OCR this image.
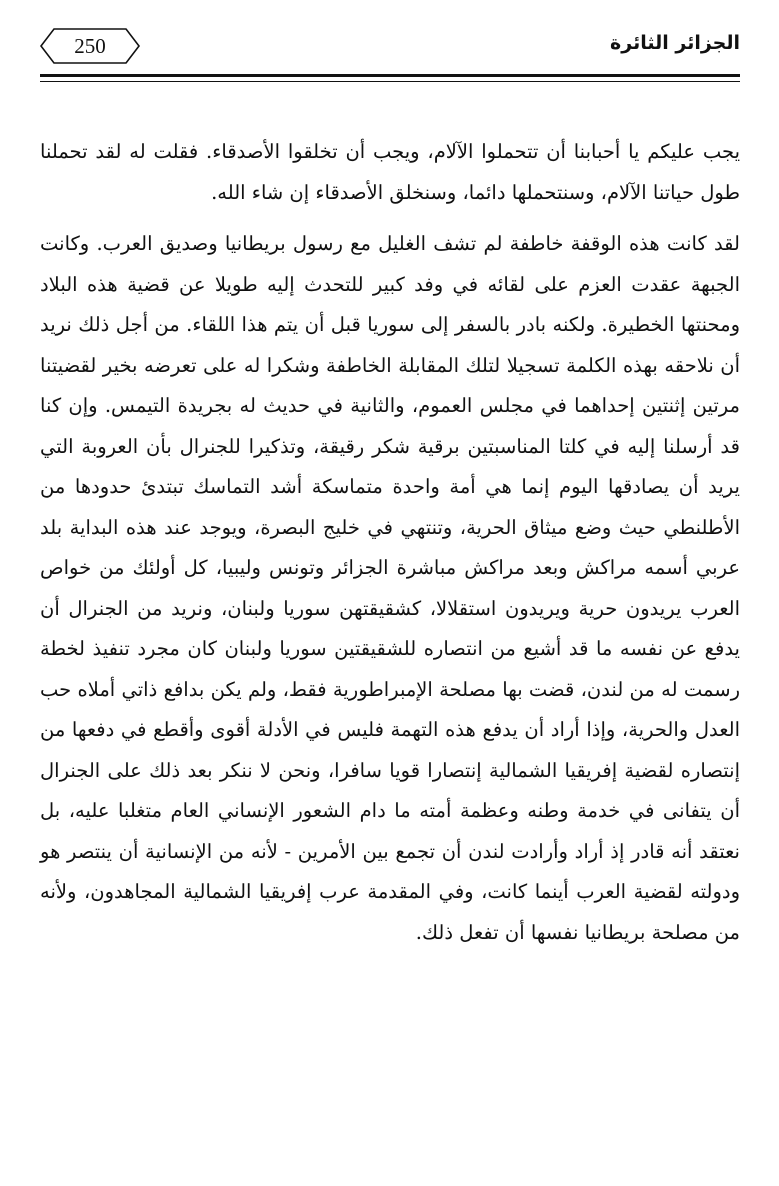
250	الجزائر الثائرة

يجب عليكم يا أحبابنا أن تتحملوا الآلام، ويجب أن تخلقوا الأصدقاء. فقلت له لقد تحملنا طول حياتنا الآلام، وسنتحملها دائما، وسنخلق الأصدقاء إن شاء الله.

لقد كانت هذه الوقفة خاطفة لم تشف الغليل مع رسول بريطانيا وصديق العرب. وكانت الجبهة عقدت العزم على لقائه في وفد كبير للتحدث إليه طويلا عن قضية هذه البلاد ومحنتها الخطيرة. ولكنه بادر بالسفر إلى سوريا قبل أن يتم هذا اللقاء. من أجل ذلك نريد أن نلاحقه بهذه الكلمة تسجيلا لتلك المقابلة الخاطفة وشكرا له على تعرضه بخير لقضيتنا مرتين إثنتين إحداهما في مجلس العموم، والثانية في حديث له بجريدة التيمس. وإن كنا قد أرسلنا إليه في كلتا المناسبتين برقية شكر رقيقة، وتذكيرا للجنرال بأن العروبة التي يريد أن يصادقها اليوم إنما هي أمة واحدة متماسكة أشد التماسك تبتدئ حدودها من الأطلنطي حيث وضع ميثاق الحرية، وتنتهي في خليج البصرة، ويوجد عند هذه البداية بلد عربي أسمه مراكش وبعد مراكش مباشرة الجزائر وتونس وليبيا، كل أولئك من خواص العرب يريدون حرية ويريدون استقلالا، كشقيقتهن سوريا ولبنان، ونريد من الجنرال أن يدفع عن نفسه ما قد أشيع من انتصاره للشقيقتين سوريا ولبنان كان مجرد تنفيذ لخطة رسمت له من لندن، قضت بها مصلحة الإمبراطورية فقط، ولم يكن بدافع ذاتي أملاه حب العدل والحرية، وإذا أراد أن يدفع هذه التهمة فليس في الأدلة أقوى وأقطع في دفعها من إنتصاره لقضية إفريقيا الشمالية إنتصارا قويا سافرا، ونحن لا ننكر بعد ذلك على الجنرال أن يتفانى في خدمة وطنه وعظمة أمته ما دام الشعور الإنساني العام متغلبا عليه، بل نعتقد أنه قادر إذ أراد وأرادت لندن أن تجمع بين الأمرين - لأنه من الإنسانية أن ينتصر هو ودولته لقضية العرب أينما كانت، وفي المقدمة عرب إفريقيا الشمالية المجاهدون، ولأنه من مصلحة بريطانيا نفسها أن تفعل ذلك.
